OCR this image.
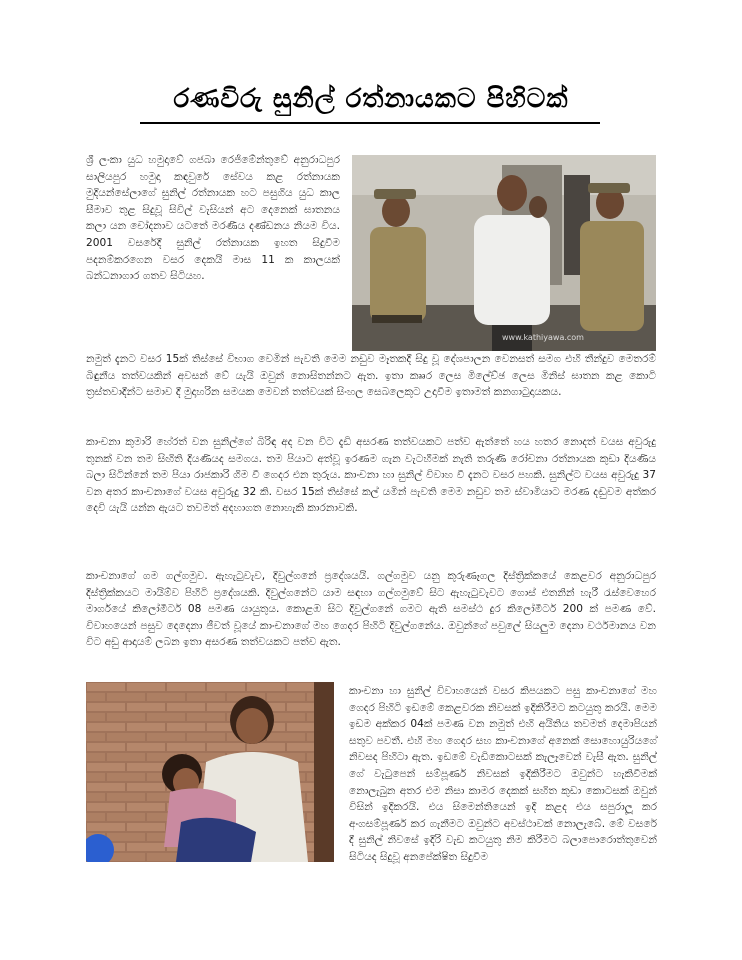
රණවිරු සුනිල් රත්නායකට පිහිටක්
www.kathiyawa.com

ශ්‍රී ලංකා යුධ හමුදාවේ ගජබා රෙජිමේන්තුවේ අනුරාධපුර සාලියපුර හමුදා කඳවුරේ සේවය කළ රත්නායක මුදියන්සේලාගේ සුනිල් රත්නායක හට පසුගිය යුධ කාල සීමාව තුළ සිදුවූ සිවිල් වැසියන් අට දෙනෙක් ඝාතනය කලා යන චෝදනාව යටතේ මරණීය දණ්ඩනය නියම විය. 2001 වසරේදී සුනිල් රත්නායක ඉහත සිදුවීම පදනම්කරගෙන වසර දෙකයි මාස 11 ක කාලයක් බන්ධනාගාර ගතව සිටියහ.

නමුත් දැනට වසර 15ක් තිස්සේ විභාග වෙමින් පැවති මෙම නඩුව මෑතකදී සිදු වූ දේශපාලන වෙනසත් සමග එහි තීන්දුව මෙතරම් බිඳුනීය තත්වයකින් අවසන් වේ යැයි ඔවුන් නොසිතන්නට ඇත. ඉතා කෲර ලෙස මිලේච්ඡ ලෙස මිනිස් ඝාතන කළ කොටි ත්‍රස්තවාදීන්ට සමාව දී මුදාහරින සමයක මෙවන් තත්වයක් සිංහල සෙබලෙකුට උදාවීම ඉතාමත් කනගාටුදායකය.

කාංචනා කුමාරි හේරත් වන සුනිල්ගේ බිරිඳ අද වන විට දැඩි අසරණ තත්වයකට පත්ව ඇත්තේ හය හතර නොදත් වයස අවුරුදු තුනක් වන තම සිඟිති දියණියද සමගය. තම පියාට අත්වූ ඉරණම ගැන වැටහීමක් නැති තරුණි රෝචනා රත්නායක කුඩා දියණිය බලා සිටින්නේ තම පියා රාජකාරි ගිම වී ගෙදර එන තුරුය. කාංචනා හා සුනිල් විවාහ වී දැනට වසර පහකි. සුනිල්ට වයස අවුරුදු 37 වන අතර කාංචනාගේ වයස අවුරුදු 32 කි. වසර 15ක් තිස්සේ කල් යමින් පැවති මෙම නඩුව තම ස්වාමියාට මරණ දඬුවම අත්කර දෙවි යැයි යන්න ඇයට තවමත් අදහාගත නොහැකි කාරනාවකි.

කාංචනාගේ ගම ගල්ගමුව. ඇහැටුවැව, දිවුල්ගනේ ප්‍රදේශයයි. ගල්ගමුව යනු කුරුණෑගල දිස්ත්‍රික්කයේ කෙළවර අනුරාධපුර දිස්ත්‍රික්කයට මායිම්ව පිහිටි ප්‍රදේශයකි. දිවුල්ගනේට යාම සඳහා ගල්ගමුවේ සිට ඇහැටුවැවට ගොස් එතනින් හැරී රැස්වෙහෙර මාර්ගයේ කිලෝමීටර් 08 පමණ යායුතුය. කොළඹ සිට දිවුල්ගනේ ගමට ඇති සමස්ථ දුර කිලෝමීටර් 200 ක් පමණ වේ. විවාහයෙන් පසුව දෙදෙනා ජීවත් වූයේ කාංචනාගේ මහ ගෙදර පිහිටි දිවුල්ගනේය. ඔවුන්ගේ පවුලේ සියලුම දෙනා වර්ථමානය වන විට අඩු ආදායම් ලබන ඉතා අසරණ තත්වයකට පත්ව ඇත.

කාංචනා හා සුනිල් විවාහයෙන් වසර කිපයකට පසු කාංචනාගේ මහ ගෙදර පිහිටි ඉඩමේ කෙළවරක නිවසක් ඉදිකිරීමට කටයුතු කරයි. මෙම ඉඩම අක්කර 04ක් පමණ වන නමුත් එහි අයිතිය තවමත් දෙමාපියන් සතුව පවතී. එහි මහ ගෙදර සහ කාංචනාගේ අනෙක් සොහොයුරියගේ නිවසද පිහිටා ඇත. ඉඩමේ වැඩිකොටසක් කැලෑවෙන් වැසී ඇත. සුනිල් ගේ වැටුපෙන් සම්පූර්ණ නිවසක් ඉදිකිරීමට ඔවුන්ට හැකිවීමක් නොලැබුන අතර එම නිසා කාමර දෙකක් සහිත කුඩා කොටසක් ඔවුන් විසින් ඉදිකරයි. එය සිමෙන්තියෙන් ඉදි කළද එය සපුරාලූ කර අංගසම්පූර්ණ කර ගැනීමට ඔවුන්ට අවස්ථාවක් නොලැබේ. මේ වසරේ දී සුනිල් නිවසේ ඉදිරි වැඩ කටයුතු නිම කිරීමට බලාපොරොත්තුවෙන් සිටියද සිදුවූ අනපේක්ෂිත සිදුවීම
